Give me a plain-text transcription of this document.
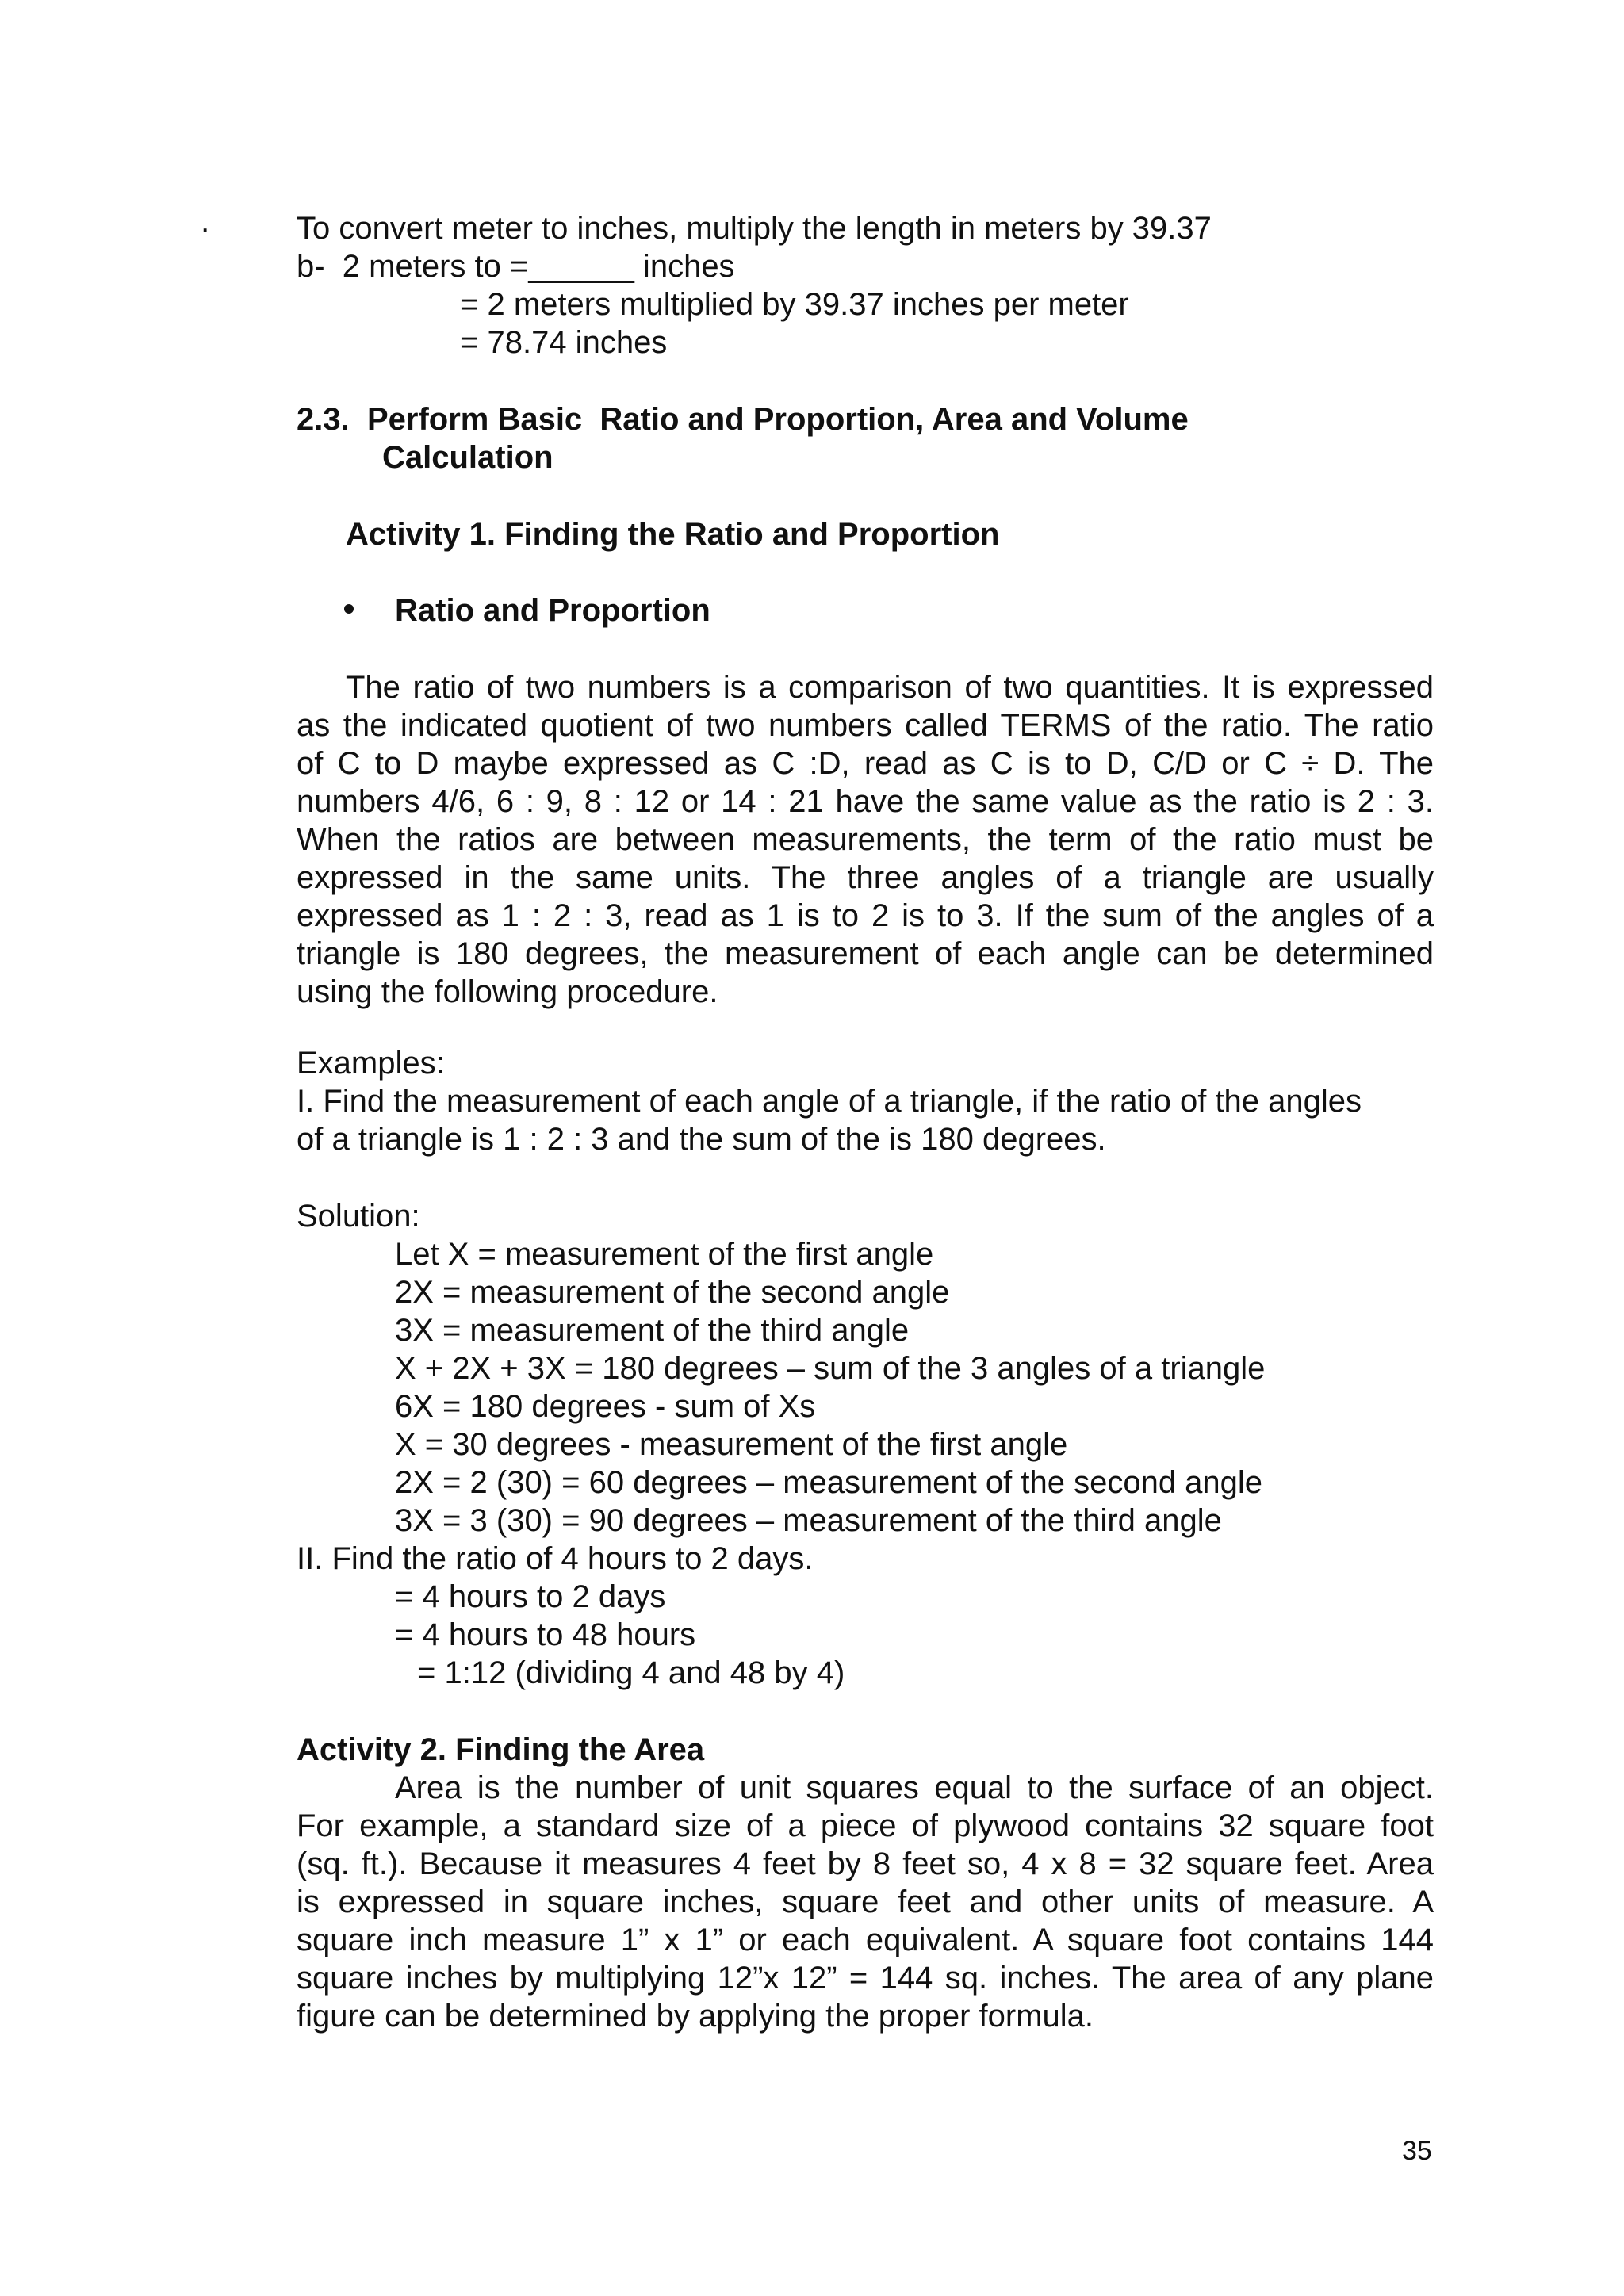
·	To convert meter to inches, multiply the length in meters by 39.37
b-  2 meters to =______ inches
= 2 meters multiplied by 39.37 inches per meter
= 78.74 inches
2.3.  Perform Basic  Ratio and Proportion, Area and Volume
Calculation
Activity 1. Finding the Ratio and Proportion
Ratio and Proportion
The ratio of two numbers is a comparison of two quantities. It is expressed
as the indicated quotient of two numbers called TERMS of the ratio. The ratio
of C to D maybe expressed as C :D, read as C is to D, C/D or C ÷ D. The
numbers 4/6, 6 : 9, 8 : 12 or 14 : 21 have the same value as the ratio is 2 : 3.
When the ratios are between measurements, the term of the ratio must be
expressed in the same units. The three angles of a triangle are usually
expressed as 1 : 2 : 3, read as 1 is to 2 is to 3. If the sum of the angles of a
triangle is 180 degrees, the measurement of each angle can be determined
using the following procedure.
Examples:
I. Find the measurement of each angle of a triangle, if the ratio of the angles
of a triangle is 1 : 2 : 3 and the sum of the is 180 degrees.
Solution:
Let X = measurement of the first angle
2X = measurement of the second angle
3X = measurement of the third angle
X + 2X + 3X = 180 degrees – sum of the 3 angles of a triangle
6X = 180 degrees - sum of Xs
X = 30 degrees - measurement of the first angle
2X = 2 (30) = 60 degrees – measurement of the second angle
3X = 3 (30) = 90 degrees – measurement of the third angle
II. Find the ratio of 4 hours to 2 days.
= 4 hours to 2 days
= 4 hours to 48 hours
= 1:12 (dividing 4 and 48 by 4)
Activity 2. Finding the Area
Area is the number of unit squares equal to the surface of an object.
For example, a standard size of a piece of plywood contains 32 square foot
(sq. ft.). Because it measures 4 feet by 8 feet so, 4 x 8 = 32 square feet. Area
is expressed in square inches, square feet and other units of measure. A
square inch measure 1” x 1” or each equivalent. A square foot contains 144
square inches by multiplying 12”x 12” = 144 sq. inches. The area of any plane
figure can be determined by applying the proper formula.
35
